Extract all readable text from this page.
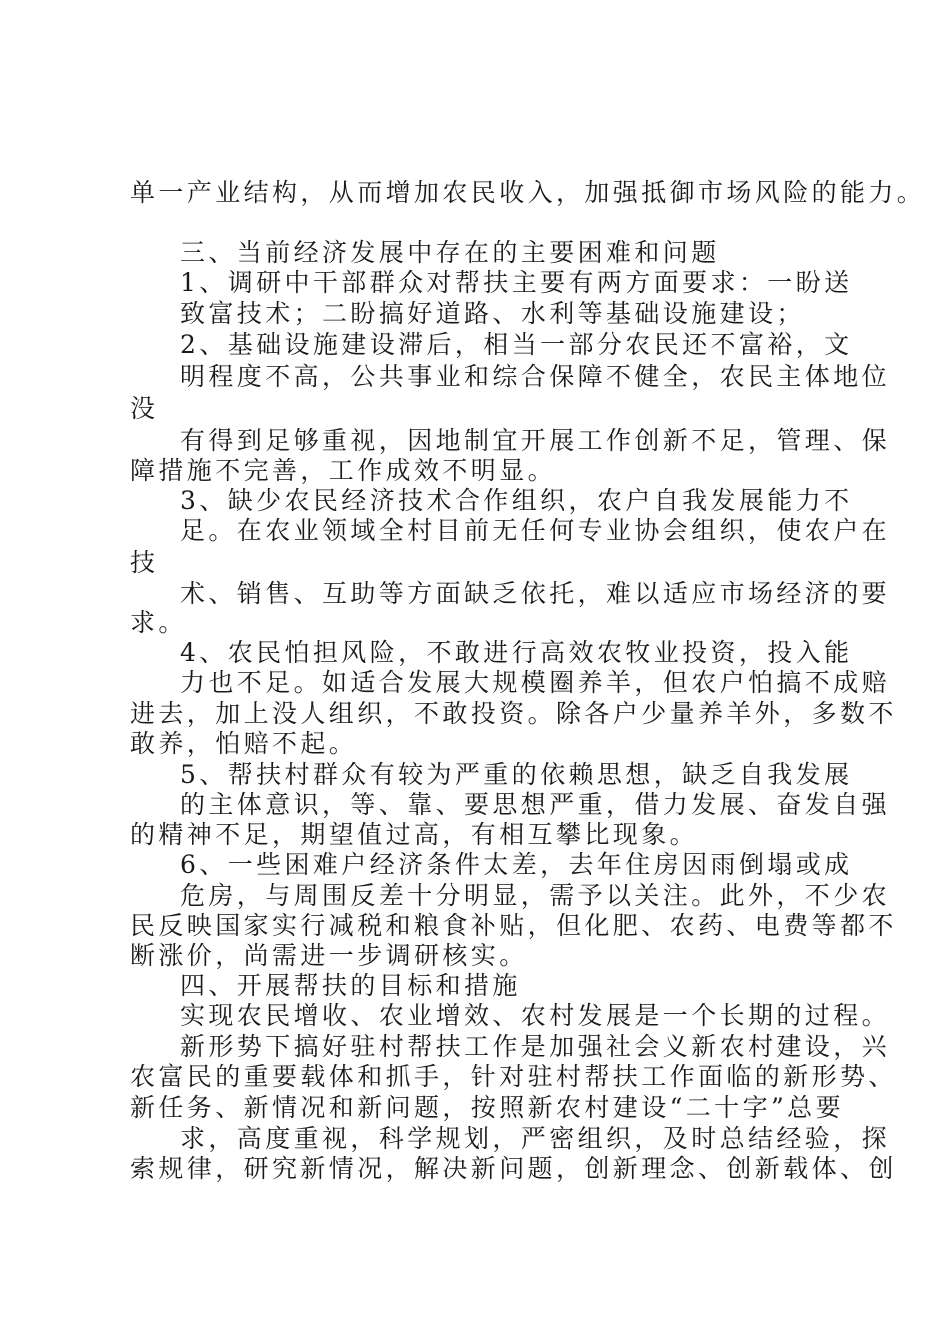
单一产业结构，从而增加农民收入，加强抵御市场风险的能力。
三、当前经济发展中存在的主要困难和问题
1、调研中干部群众对帮扶主要有两方面要求：一盼送
致富技术；二盼搞好道路、水利等基础设施建设；
2、基础设施建设滞后，相当一部分农民还不富裕，文
明程度不高，公共事业和综合保障不健全，农民主体地位
没
有得到足够重视，因地制宜开展工作创新不足，管理、保
障措施不完善，工作成效不明显。
3、缺少农民经济技术合作组织，农户自我发展能力不
足。在农业领域全村目前无任何专业协会组织，使农户在
技
术、销售、互助等方面缺乏依托，难以适应市场经济的要
求。
4、农民怕担风险，不敢进行高效农牧业投资，投入能
力也不足。如适合发展大规模圈养羊，但农户怕搞不成赔
进去，加上没人组织，不敢投资。除各户少量养羊外，多数不
敢养，怕赔不起。
5、帮扶村群众有较为严重的依赖思想，缺乏自我发展
的主体意识，等、靠、要思想严重，借力发展、奋发自强
的精神不足，期望值过高，有相互攀比现象。
6、一些困难户经济条件太差，去年住房因雨倒塌或成
危房，与周围反差十分明显，需予以关注。此外，不少农
民反映国家实行减税和粮食补贴，但化肥、农药、电费等都不
断涨价，尚需进一步调研核实。
四、开展帮扶的目标和措施
实现农民增收、农业增效、农村发展是一个长期的过程。
新形势下搞好驻村帮扶工作是加强社会义新农村建设，兴
农富民的重要载体和抓手，针对驻村帮扶工作面临的新形势、
新任务、新情况和新问题，按照新农村建设“二十字”总要
求，高度重视，科学规划，严密组织，及时总结经验，探
索规律，研究新情况，解决新问题，创新理念、创新载体、创
